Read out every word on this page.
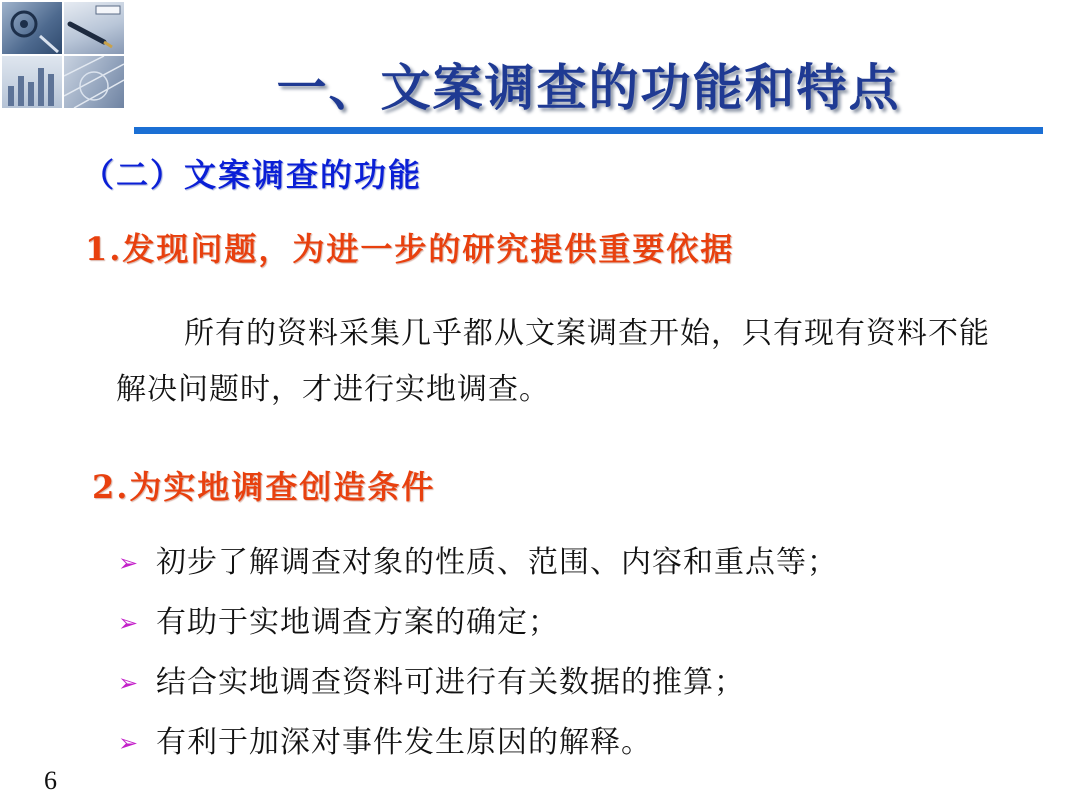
一、文案调查的功能和特点
（二）文案调查的功能
1.发现问题，为进一步的研究提供重要依据
所有的资料采集几乎都从文案调查开始，只有现有资料不能解决问题时，才进行实地调查。
2.为实地调查创造条件
➢ 初步了解调查对象的性质、范围、内容和重点等；
➢ 有助于实地调查方案的确定；
➢ 结合实地调查资料可进行有关数据的推算；
➢ 有利于加深对事件发生原因的解释。
6
